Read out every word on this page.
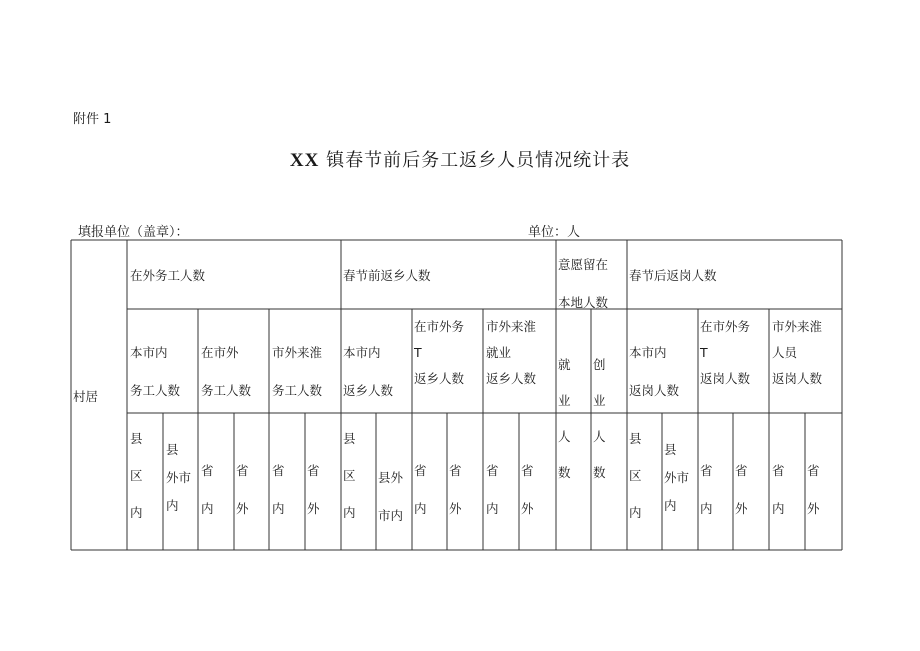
附件 1
XX 镇春节前后务工返乡人员情况统计表
填报单位（盖章）：	单位：人
村居
在外务工人数	春节前返乡人数
意愿留在
本地人数
春节后返岗人数
本市内
务工人数
在市外
务工人数
市外来淮
务工人数
本市内
返乡人数
在市外务
T
返乡人数
市外来淮
就业
返乡人数
就
业
人
数
创
业
人
数
本市内
返岗人数
在市外务
T
返岗人数
市外来淮
人员
返岗人数
县
区
内
县
外市
内
省
内
省
外
省
内
省
外
县
区
内
县外
市内
省
内
省
外
省
内
省
外
县
区
内
县
外市
内
省
内
省
外
省
内
省
外
